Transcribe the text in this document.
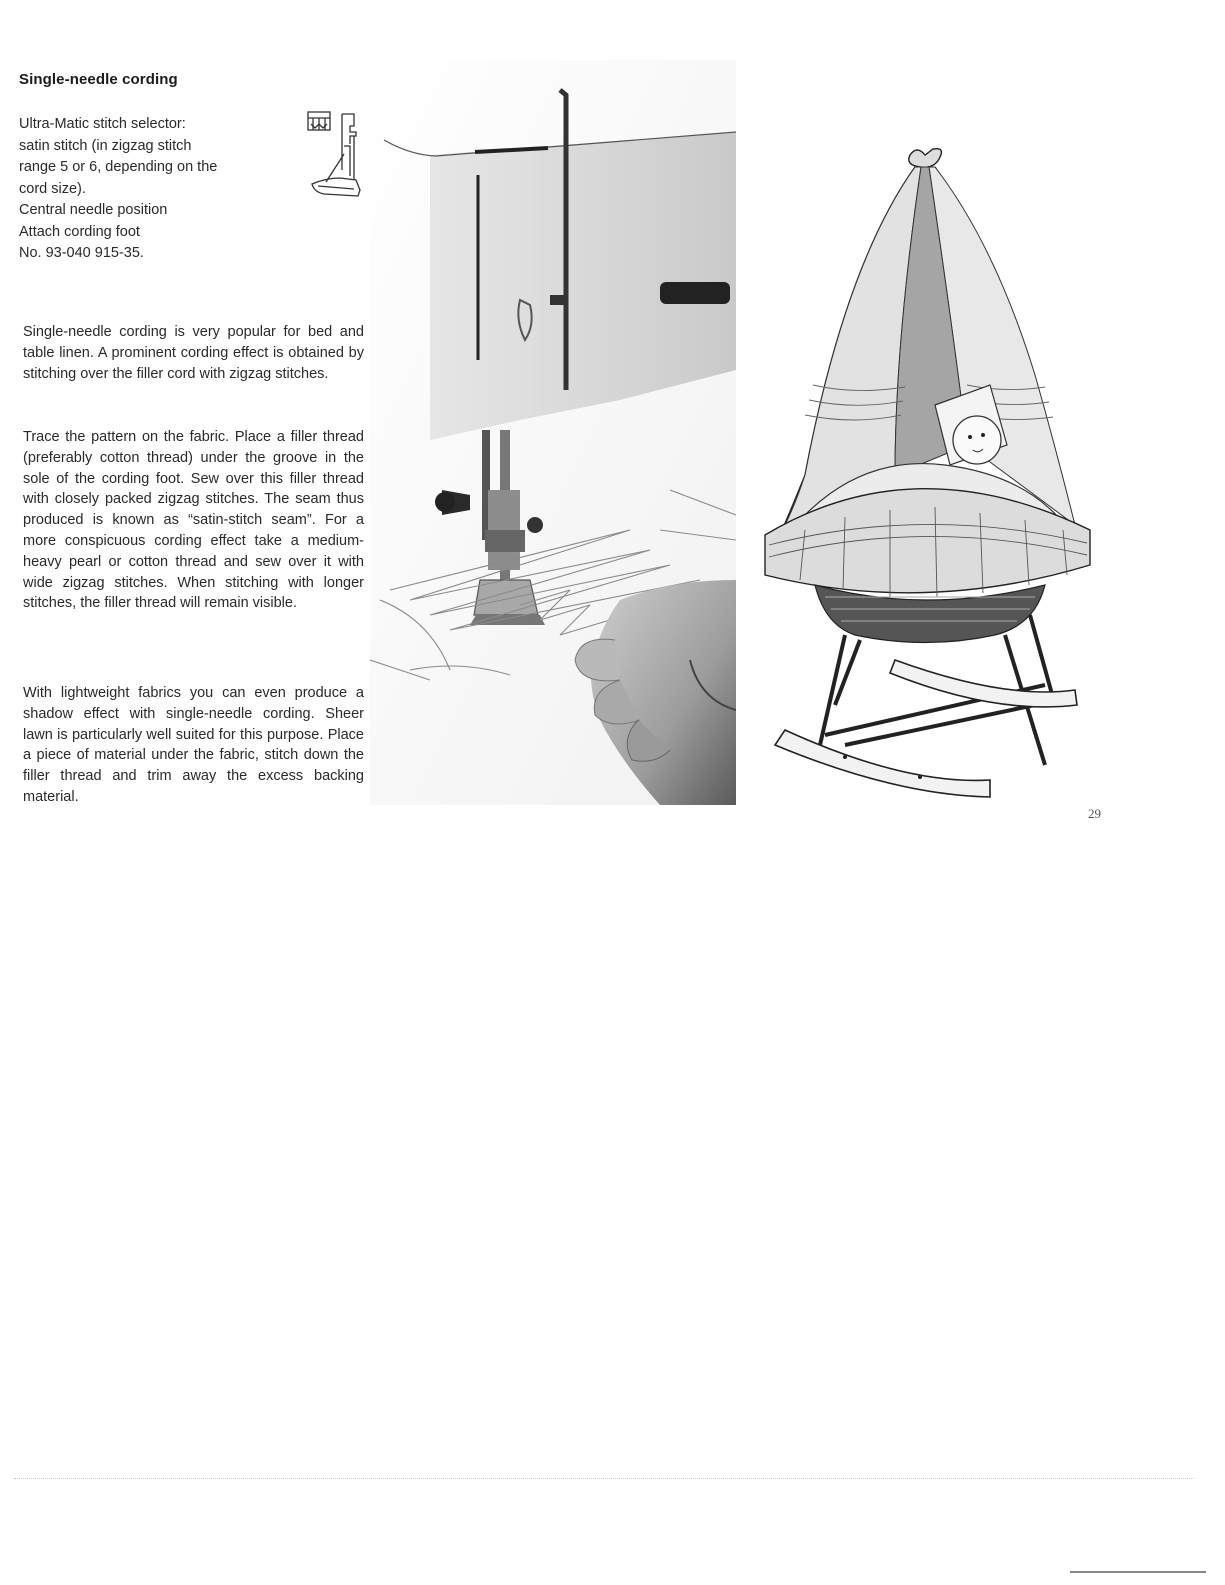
Single-needle cording
Ultra-Matic stitch selector:
satin stitch (in zigzag stitch
range 5 or 6, depending on the
cord size).
Central needle position
Attach cording foot
No. 93-040 915-35.
Single-needle cording is very popular for bed and table linen. A prominent cording effect is obtained by stitching over the filler cord with zigzag stitches.
Trace the pattern on the fabric. Place a filler thread (preferably cotton thread) under the groove in the sole of the cording foot. Sew over this filler thread with closely packed zigzag stitches. The seam thus produced is known as “satin-stitch seam”. For a more conspicuous cording effect take a medium-heavy pearl or cotton thread and sew over it with wide zigzag stitches. When stitching with longer stitches, the filler thread will remain visible.
With lightweight fabrics you can even produce a shadow effect with single-needle cording. Sheer lawn is particularly well suited for this purpose. Place a piece of material under the fabric, stitch down the filler thread and trim away the excess backing material.
29
